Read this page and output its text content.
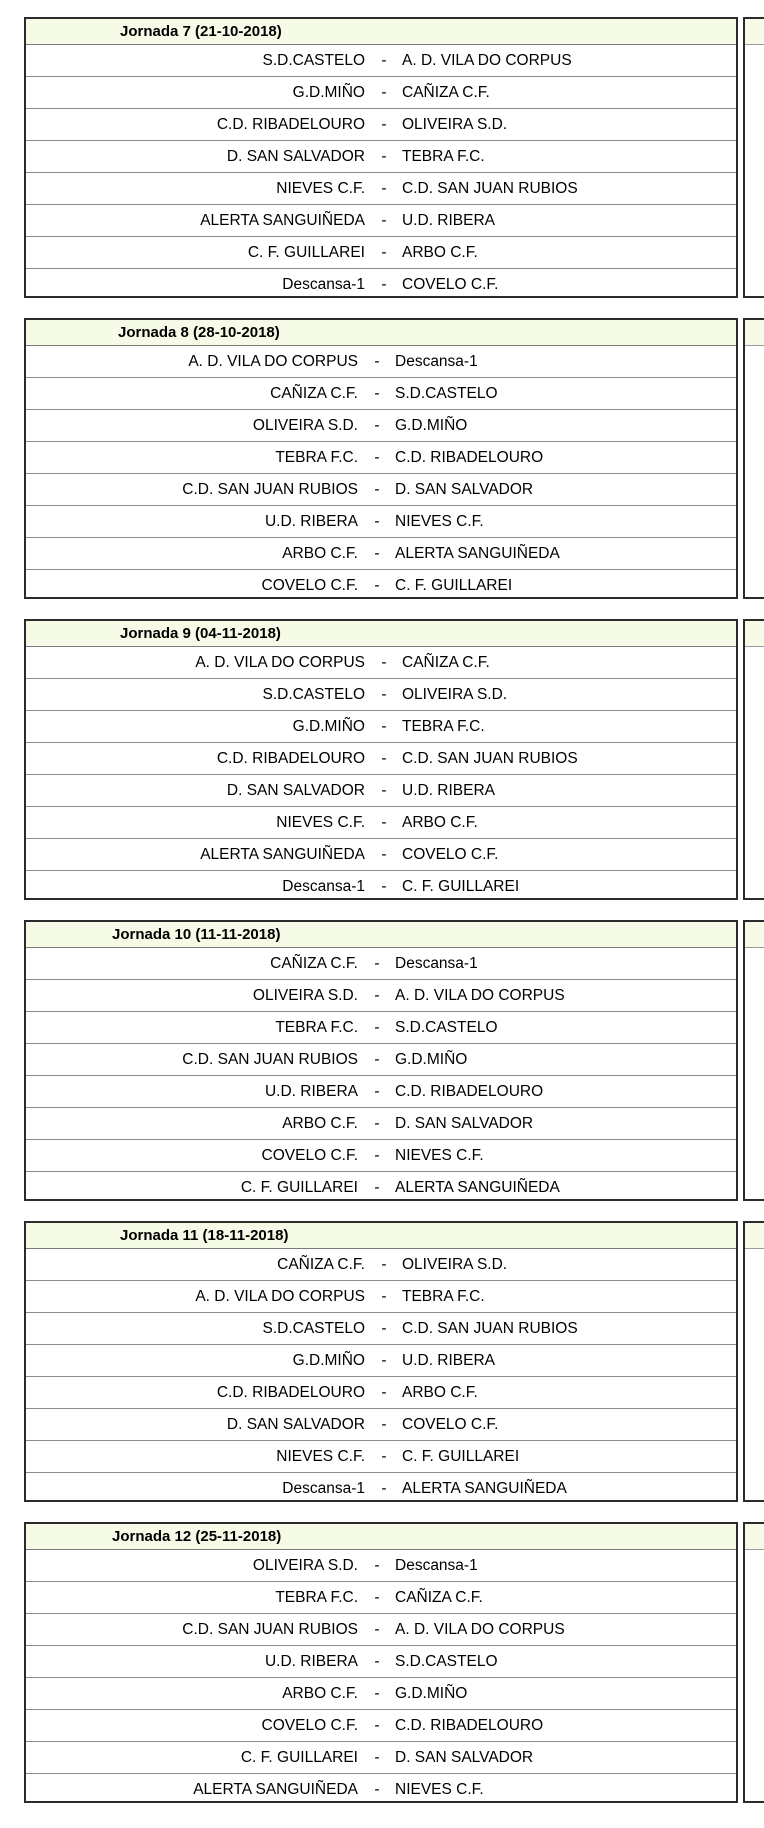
Jornada 7 (21-10-2018)
S.D.CASTELO - A. D. VILA DO CORPUS
G.D.MIÑO - CAÑIZA C.F.
C.D. RIBADELOURO - OLIVEIRA S.D.
D. SAN SALVADOR - TEBRA F.C.
NIEVES C.F. - C.D. SAN JUAN RUBIOS
ALERTA SANGUIÑEDA - U.D. RIBERA
C. F. GUILLAREI - ARBO C.F.
Descansa-1 - COVELO C.F.
Jornada 8 (28-10-2018)
A. D. VILA DO CORPUS - Descansa-1
CAÑIZA C.F. - S.D.CASTELO
OLIVEIRA S.D. - G.D.MIÑO
TEBRA F.C. - C.D. RIBADELOURO
C.D. SAN JUAN RUBIOS - D. SAN SALVADOR
U.D. RIBERA - NIEVES C.F.
ARBO C.F. - ALERTA SANGUIÑEDA
COVELO C.F. - C. F. GUILLAREI
Jornada 9 (04-11-2018)
A. D. VILA DO CORPUS - CAÑIZA C.F.
S.D.CASTELO - OLIVEIRA S.D.
G.D.MIÑO - TEBRA F.C.
C.D. RIBADELOURO - C.D. SAN JUAN RUBIOS
D. SAN SALVADOR - U.D. RIBERA
NIEVES C.F. - ARBO C.F.
ALERTA SANGUIÑEDA - COVELO C.F.
Descansa-1 - C. F. GUILLAREI
Jornada 10 (11-11-2018)
CAÑIZA C.F. - Descansa-1
OLIVEIRA S.D. - A. D. VILA DO CORPUS
TEBRA F.C. - S.D.CASTELO
C.D. SAN JUAN RUBIOS - G.D.MIÑO
U.D. RIBERA - C.D. RIBADELOURO
ARBO C.F. - D. SAN SALVADOR
COVELO C.F. - NIEVES C.F.
C. F. GUILLAREI - ALERTA SANGUIÑEDA
Jornada 11 (18-11-2018)
CAÑIZA C.F. - OLIVEIRA S.D.
A. D. VILA DO CORPUS - TEBRA F.C.
S.D.CASTELO - C.D. SAN JUAN RUBIOS
G.D.MIÑO - U.D. RIBERA
C.D. RIBADELOURO - ARBO C.F.
D. SAN SALVADOR - COVELO C.F.
NIEVES C.F. - C. F. GUILLAREI
Descansa-1 - ALERTA SANGUIÑEDA
Jornada 12 (25-11-2018)
OLIVEIRA S.D. - Descansa-1
TEBRA F.C. - CAÑIZA C.F.
C.D. SAN JUAN RUBIOS - A. D. VILA DO CORPUS
U.D. RIBERA - S.D.CASTELO
ARBO C.F. - G.D.MIÑO
COVELO C.F. - C.D. RIBADELOURO
C. F. GUILLAREI - D. SAN SALVADOR
ALERTA SANGUIÑEDA - NIEVES C.F.
